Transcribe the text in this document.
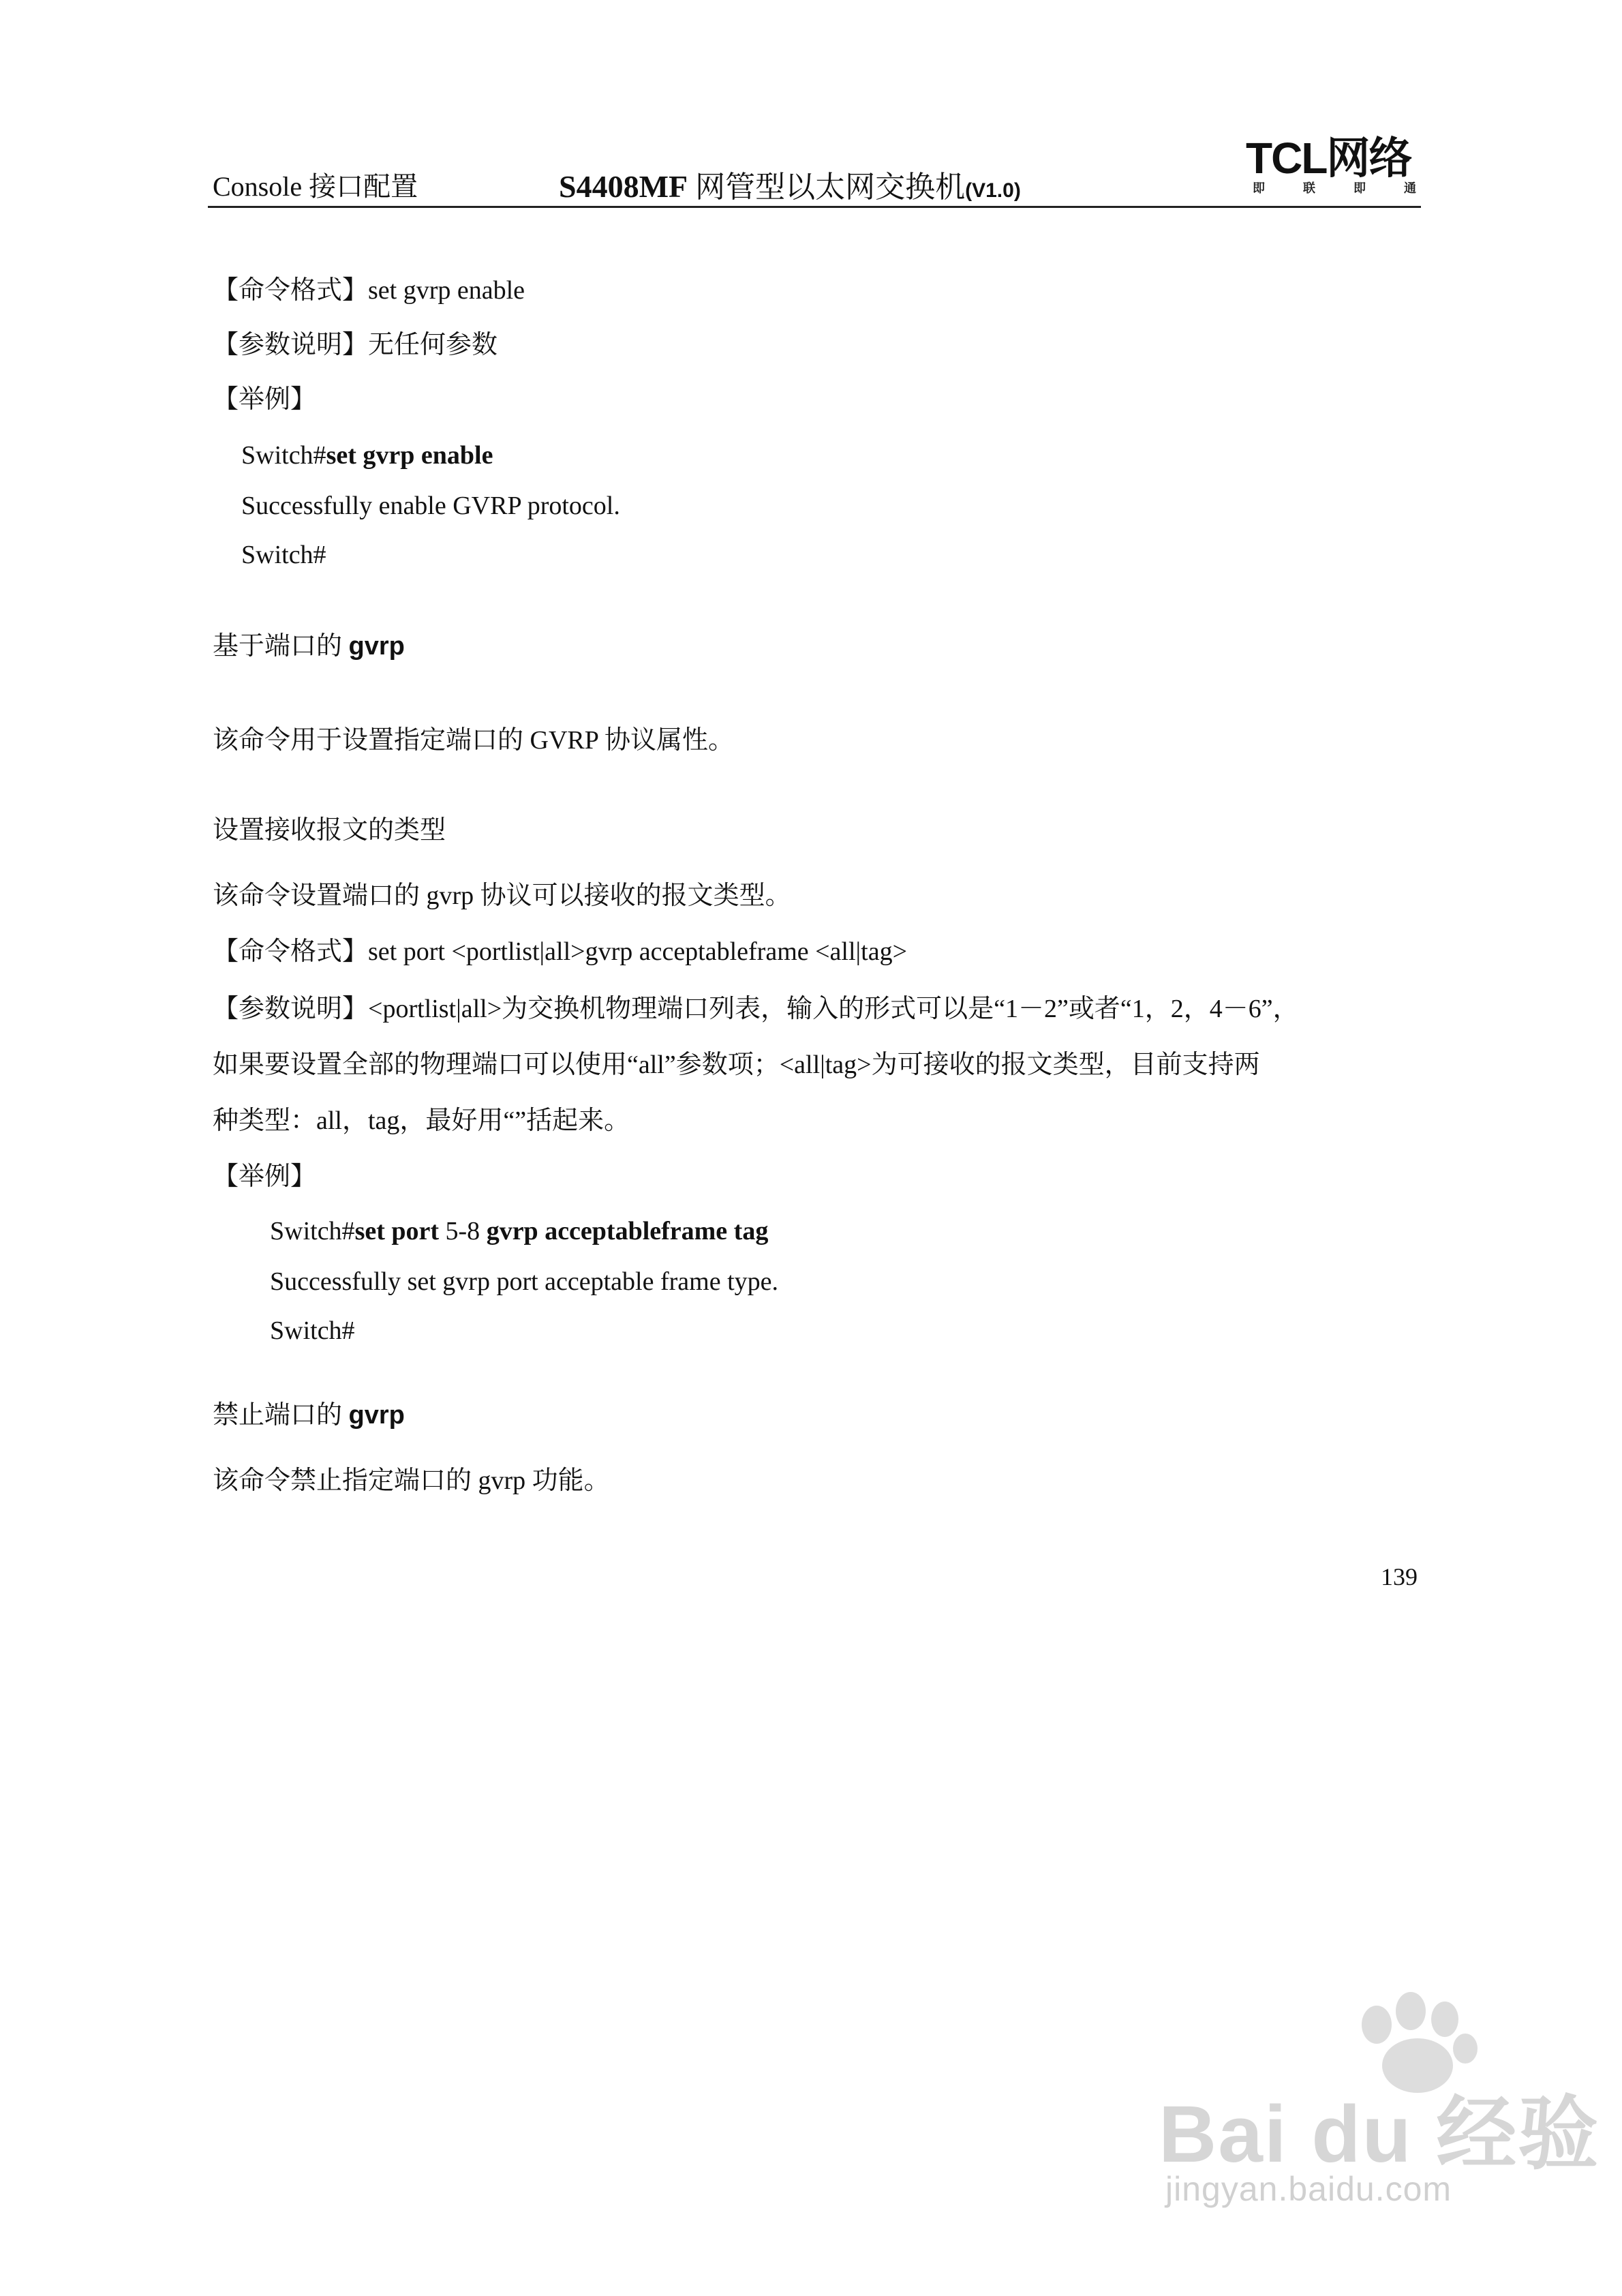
Console 接口配置	S4408MF 网管型以太网交换机(V1.0)
TCL网络
即	联	即	通
【命令格式】set gvrp enable
【参数说明】无任何参数
【举例】
Switch#set gvrp enable
Successfully enable GVRP protocol.
Switch#
基于端口的 gvrp
该命令用于设置指定端口的 GVRP 协议属性。
设置接收报文的类型
该命令设置端口的 gvrp 协议可以接收的报文类型。
【命令格式】set port <portlist|all>gvrp acceptableframe <all|tag>
【参数说明】<portlist|all>为交换机物理端口列表，输入的形式可以是“1－2”或者“1，2，4－6”，
如果要设置全部的物理端口可以使用“all”参数项；<all|tag>为可接收的报文类型，目前支持两
种类型：all，tag，最好用“”括起来。
【举例】
Switch#set port 5-8 gvrp acceptableframe tag
Successfully set gvrp port acceptable frame type.
Switch#
禁止端口的 gvrp
该命令禁止指定端口的 gvrp 功能。
139
Bai du 经验
jingyan.baidu.com
